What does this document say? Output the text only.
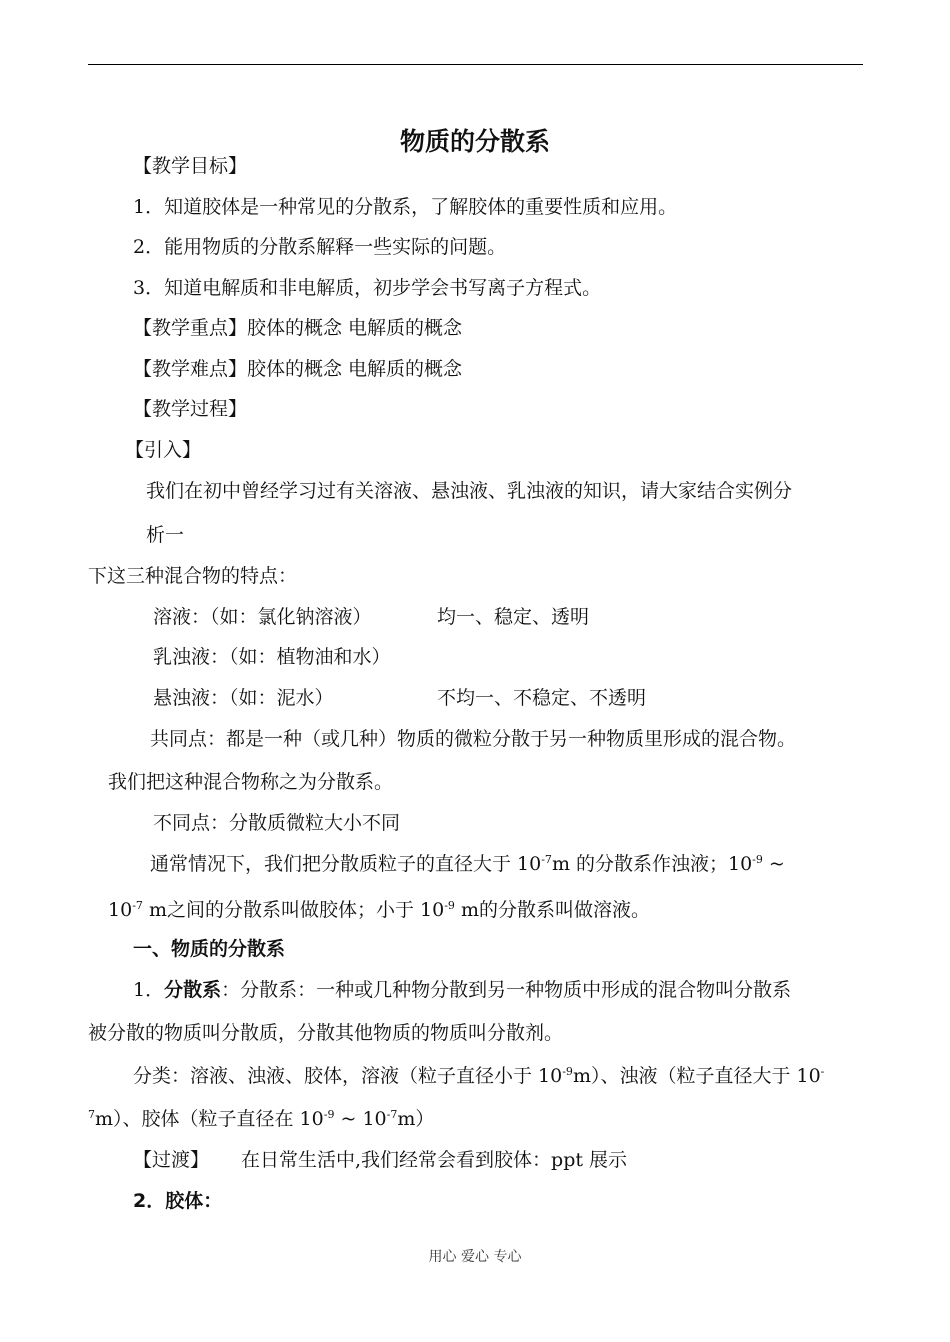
物质的分散系
【教学目标】
1．知道胶体是一种常见的分散系，了解胶体的重要性质和应用。
2．能用物质的分散系解释一些实际的问题。
3．知道电解质和非电解质，初步学会书写离子方程式。
【教学重点】胶体的概念 电解质的概念
【教学难点】胶体的概念 电解质的概念
【教学过程】
【引入】
我们在初中曾经学习过有关溶液、悬浊液、乳浊液的知识，请大家结合实例分
析一
下这三种混合物的特点：
溶液：（如：氯化钠溶液）	均一、稳定、透明
乳浊液：（如：植物油和水）
悬浊液：（如：泥水）	不均一、不稳定、不透明
共同点：都是一种（或几种）物质的微粒分散于另一种物质里形成的混合物。
我们把这种混合物称之为分散系。
不同点：分散质微粒大小不同
通常情况下，我们把分散质粒子的直径大于 $10^{-7}m$ 的分散系作浊液；$10^{-9}$ ~
$10^{-7}$ m之间的分散系叫做胶体；小于 $10^{-9}$ m的分散系叫做溶液。
一、物质的分散系
1．分散系：分散系：一种或几种物分散到另一种物质中形成的混合物叫分散系
被分散的物质叫分散质，分散其他物质的物质叫分散剂。
分类：溶液、浊液、胶体，溶液（粒子直径小于 $10^{-9}m$）、浊液（粒子直径大于 10-
$^7$m）、胶体（粒子直径在 $10^{-9}$ ~ $10^{-7}m$）
【过渡】 在日常生活中,我们经常会看到胶体：ppt 展示
2．胶体：
用心 爱心 专心
